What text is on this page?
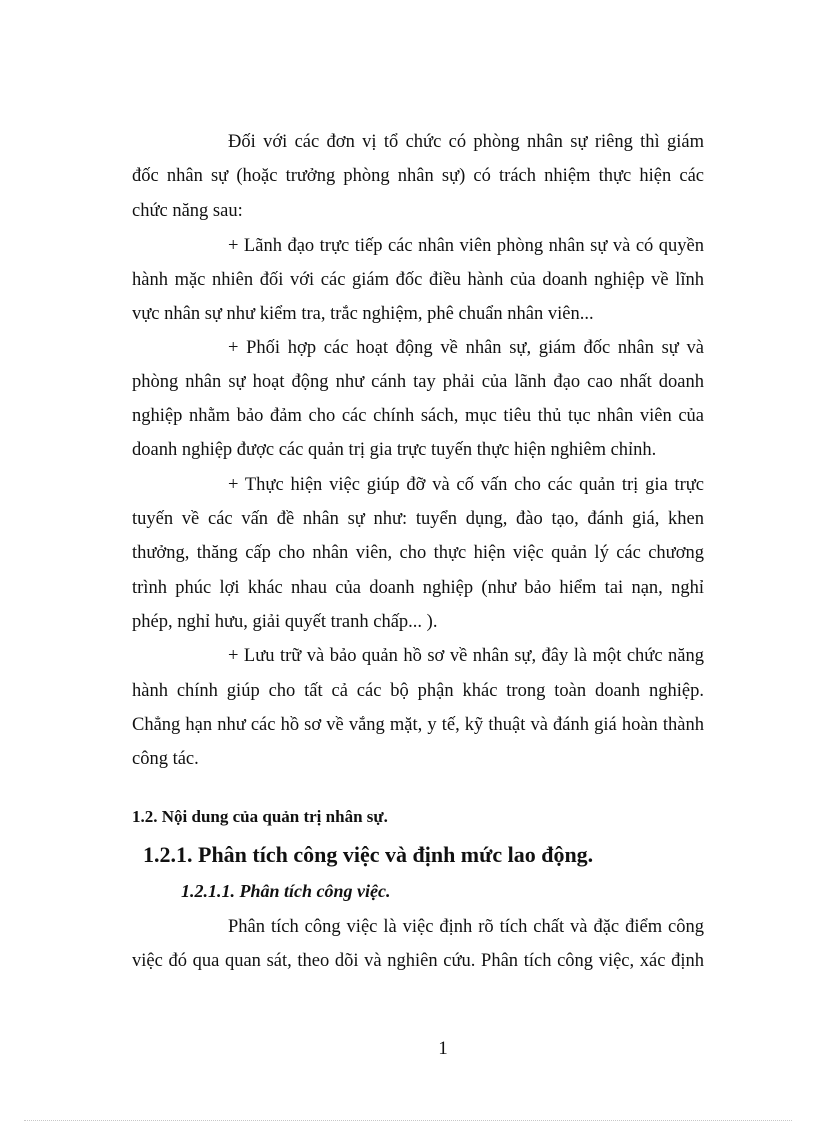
Đối với các đơn vị tổ chức có phòng nhân sự riêng thì giám
đốc nhân sự (hoặc trưởng phòng nhân sự) có trách nhiệm thực hiện các
chức năng sau:
+ Lãnh đạo trực tiếp các nhân viên phòng nhân sự và có quyền
hành mặc nhiên đối với các giám đốc điều hành của doanh nghiệp về lĩnh
vực nhân sự như kiểm tra, trắc nghiệm, phê chuẩn nhân viên...
+ Phối hợp các hoạt động về nhân sự, giám đốc nhân sự và
phòng nhân sự hoạt động như cánh tay phải của lãnh đạo cao nhất doanh
nghiệp nhằm bảo đảm cho các chính sách, mục tiêu thủ tục nhân viên của
doanh nghiệp được các quản trị gia trực tuyến thực hiện nghiêm chỉnh.
+ Thực hiện việc giúp đỡ và cố vấn cho các quản trị gia trực
tuyến về các vấn đề nhân sự như: tuyển dụng, đào tạo, đánh giá, khen
thưởng, thăng cấp cho nhân viên, cho thực hiện việc quản lý các chương
trình phúc lợi khác nhau của doanh nghiệp (như bảo hiểm tai nạn, nghỉ
phép, nghỉ hưu, giải quyết tranh chấp... ).
+ Lưu trữ và bảo quản hồ sơ về nhân sự, đây là một chức năng
hành chính giúp cho tất cả các bộ phận khác trong toàn doanh nghiệp.
Chẳng hạn như các hồ sơ về vắng mặt, y tế, kỹ thuật và đánh giá hoàn thành
công tác.
1.2. Nội dung của quản trị nhân sự.
1.2.1. Phân tích công việc và định mức lao động.
1.2.1.1. Phân tích công việc.
Phân tích công việc là việc định rõ tích chất và đặc điểm công
việc đó qua quan sát, theo dõi và nghiên cứu. Phân tích công việc, xác định
1
